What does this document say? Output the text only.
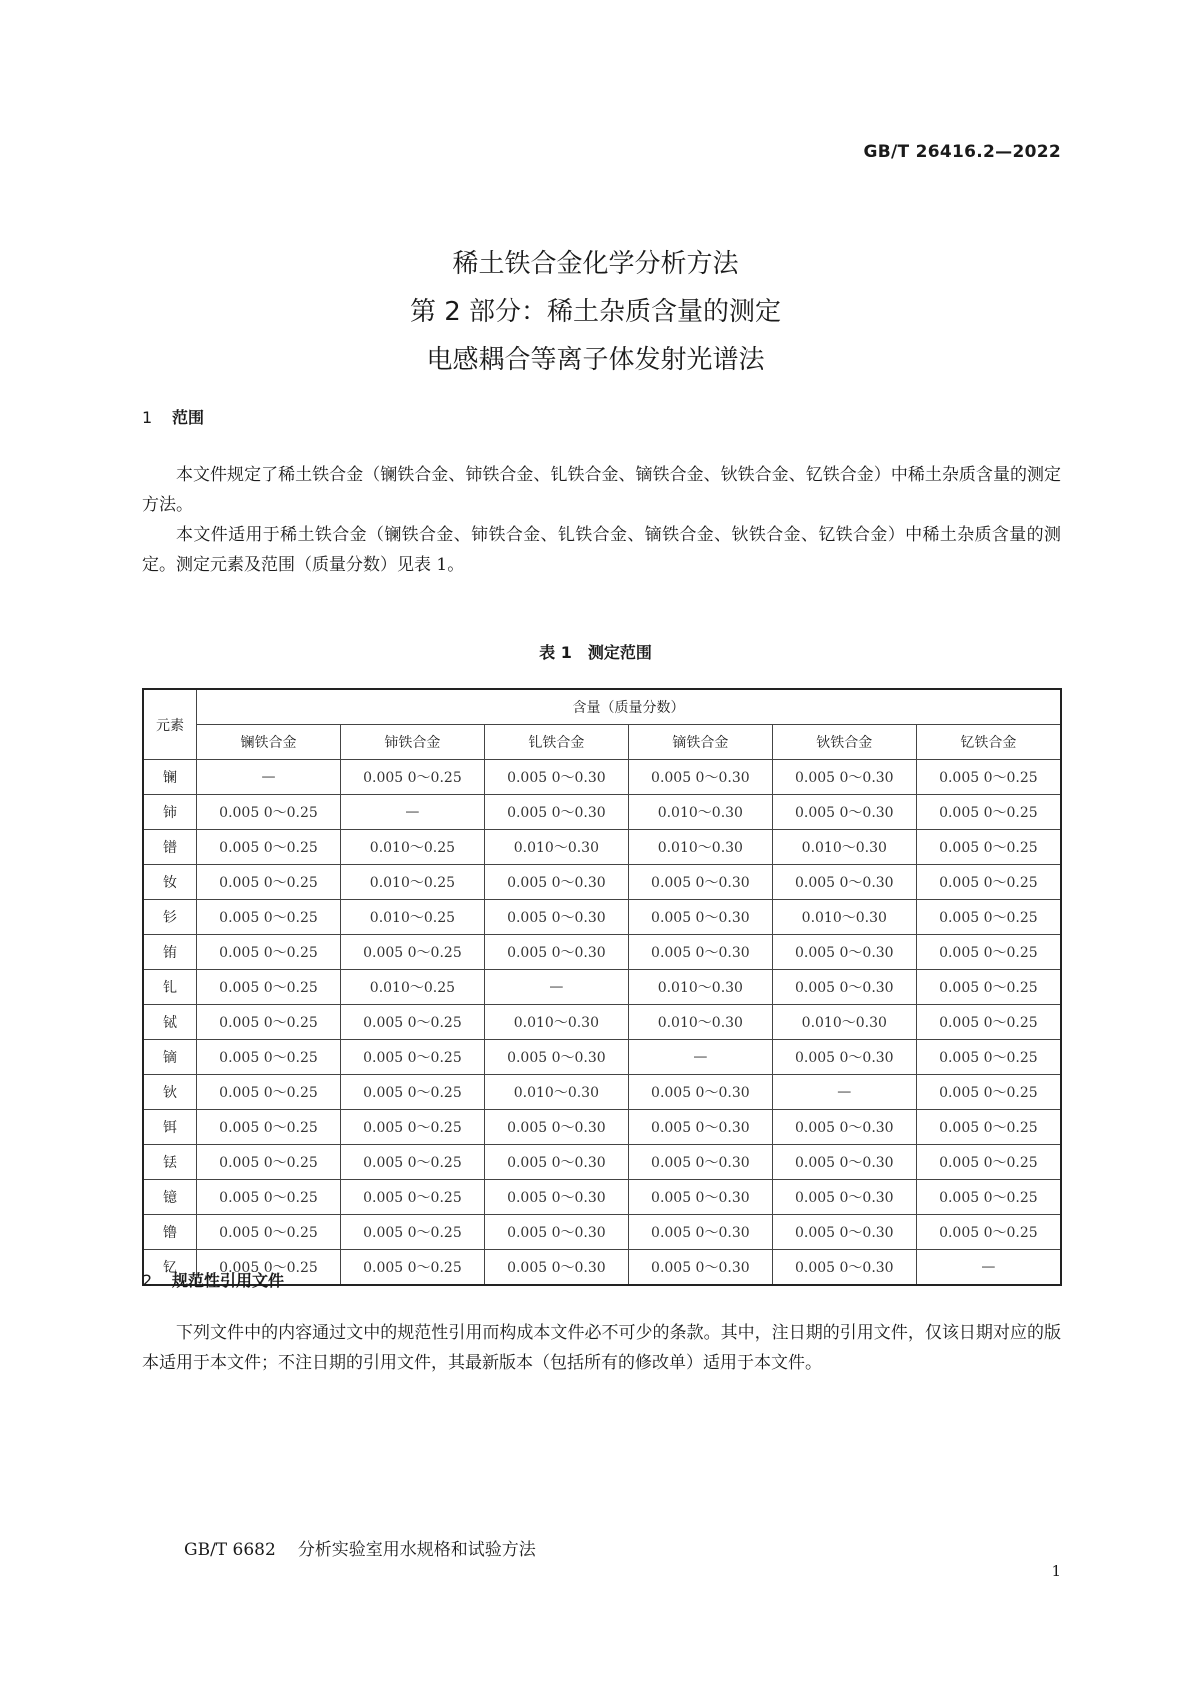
GB/T 26416.2—2022
稀土铁合金化学分析方法
第 2 部分：稀土杂质含量的测定
电感耦合等离子体发射光谱法
1 范围
本文件规定了稀土铁合金（镧铁合金、铈铁合金、钆铁合金、镝铁合金、钬铁合金、钇铁合金）中稀土杂质含量的测定方法。
本文件适用于稀土铁合金（镧铁合金、铈铁合金、钆铁合金、镝铁合金、钬铁合金、钇铁合金）中稀土杂质含量的测定。测定元素及范围（质量分数）见表 1。
表 1　测定范围
元素	含量（质量分数）					
	镧铁合金	铈铁合金	钆铁合金	镝铁合金	钬铁合金	钇铁合金
镧	—	0.005 0～0.25	0.005 0～0.30	0.005 0～0.30	0.005 0～0.30	0.005 0～0.25
铈	0.005 0～0.25	—	0.005 0～0.30	0.010～0.30	0.005 0～0.30	0.005 0～0.25
镨	0.005 0～0.25	0.010～0.25	0.010～0.30	0.010～0.30	0.010～0.30	0.005 0～0.25
钕	0.005 0～0.25	0.010～0.25	0.005 0～0.30	0.005 0～0.30	0.005 0～0.30	0.005 0～0.25
钐	0.005 0～0.25	0.010～0.25	0.005 0～0.30	0.005 0～0.30	0.010～0.30	0.005 0～0.25
铕	0.005 0～0.25	0.005 0～0.25	0.005 0～0.30	0.005 0～0.30	0.005 0～0.30	0.005 0～0.25
钆	0.005 0～0.25	0.010～0.25	—	0.010～0.30	0.005 0～0.30	0.005 0～0.25
铽	0.005 0～0.25	0.005 0～0.25	0.010～0.30	0.010～0.30	0.010～0.30	0.005 0～0.25
镝	0.005 0～0.25	0.005 0～0.25	0.005 0～0.30	—	0.005 0～0.30	0.005 0～0.25
钬	0.005 0～0.25	0.005 0～0.25	0.010～0.30	0.005 0～0.30	—	0.005 0～0.25
铒	0.005 0～0.25	0.005 0～0.25	0.005 0～0.30	0.005 0～0.30	0.005 0～0.30	0.005 0～0.25
铥	0.005 0～0.25	0.005 0～0.25	0.005 0～0.30	0.005 0～0.30	0.005 0～0.30	0.005 0～0.25
镱	0.005 0～0.25	0.005 0～0.25	0.005 0～0.30	0.005 0～0.30	0.005 0～0.30	0.005 0～0.25
镥	0.005 0～0.25	0.005 0～0.25	0.005 0～0.30	0.005 0～0.30	0.005 0～0.30	0.005 0～0.25
钇	0.005 0～0.25	0.005 0～0.25	0.005 0～0.30	0.005 0～0.30	0.005 0～0.30	—
2 规范性引用文件
下列文件中的内容通过文中的规范性引用而构成本文件必不可少的条款。其中，注日期的引用文件，仅该日期对应的版本适用于本文件；不注日期的引用文件，其最新版本（包括所有的修改单）适用于本文件。
GB/T 6682 分析实验室用水规格和试验方法
1
